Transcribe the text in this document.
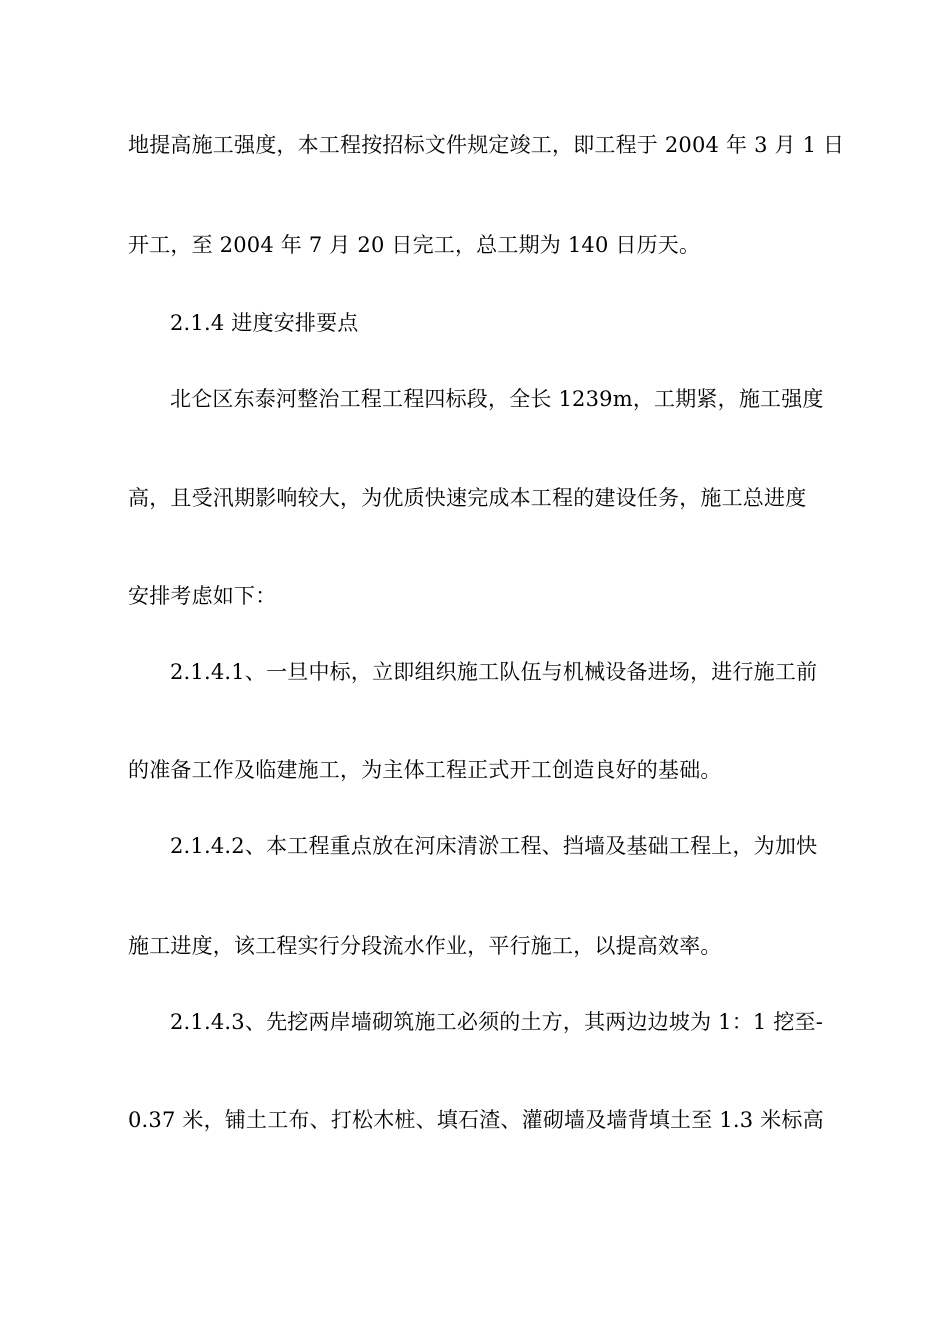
地提高施工强度，本工程按招标文件规定竣工，即工程于 2004 年 3 月 1 日
开工，至 2004 年 7 月 20 日完工，总工期为 140 日历天。
2.1.4 进度安排要点
北仑区东泰河整治工程工程四标段，全长 1239m，工期紧，施工强度
高，且受汛期影响较大，为优质快速完成本工程的建设任务，施工总进度
安排考虑如下：
2.1.4.1、一旦中标，立即组织施工队伍与机械设备进场，进行施工前
的准备工作及临建施工，为主体工程正式开工创造良好的基础。
2.1.4.2、本工程重点放在河床清淤工程、挡墙及基础工程上，为加快
施工进度，该工程实行分段流水作业，平行施工，以提高效率。
2.1.4.3、先挖两岸墙砌筑施工必须的土方，其两边边坡为 1：1 挖至-
0.37 米，铺土工布、打松木桩、填石渣、灌砌墙及墙背填土至 1.3 米标高
